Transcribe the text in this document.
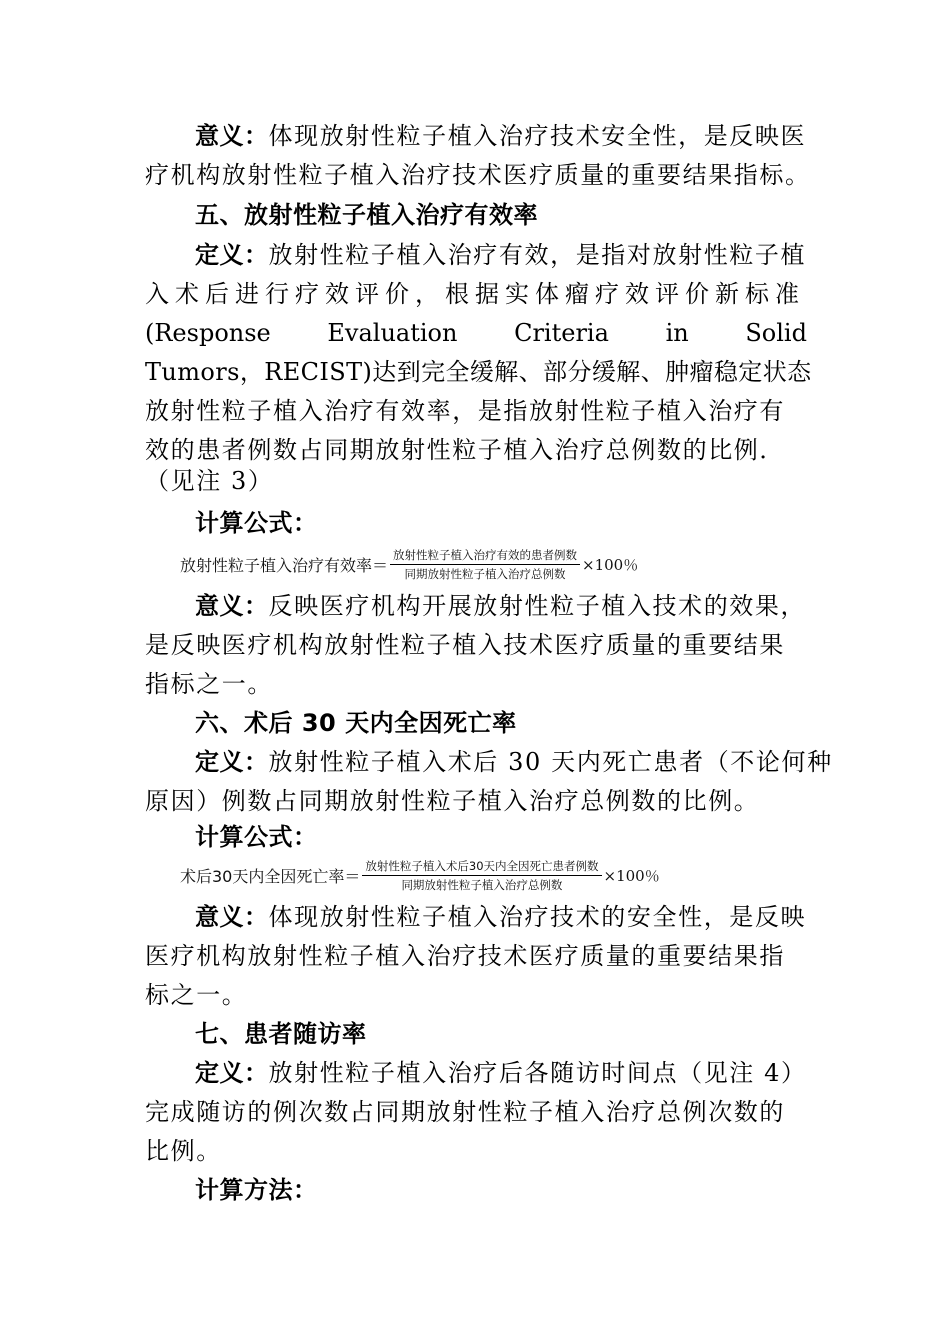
意义：体现放射性粒子植入治疗技术安全性，是反映医
疗机构放射性粒子植入治疗技术医疗质量的重要结果指标。
五、放射性粒子植入治疗有效率
定义：放射性粒子植入治疗有效，是指对放射性粒子植
入术后进行疗效评价，根据实体瘤疗效评价新标准
(Response Evaluation Criteria in Solid
Tumors，RECIST)达到完全缓解、部分缓解、肿瘤稳定状态
放射性粒子植入治疗有效率，是指放射性粒子植入治疗有
效的患者例数占同期放射性粒子植入治疗总例数的比例．
（见注 3）
计算公式：
放射性粒子植入治疗有效率＝ $\frac{\text{放射性粒子植入治疗有效的患者例数}}{\text{同期放射性粒子植入治疗总例数}} \times 100$％
意义：反映医疗机构开展放射性粒子植入技术的效果，
是反映医疗机构放射性粒子植入技术医疗质量的重要结果
指标之一。
六、术后 30 天内全因死亡率
定义：放射性粒子植入术后 30 天内死亡患者（不论何种
原因）例数占同期放射性粒子植入治疗总例数的比例。
计算公式：
术后30天内全因死亡率＝ $\frac{\text{放射性粒子植入术后30天内全因死亡患者例数}}{\text{同期放射性粒子植入治疗总例数}} \times 100$％
意义：体现放射性粒子植入治疗技术的安全性，是反映
医疗机构放射性粒子植入治疗技术医疗质量的重要结果指
标之一。
七、患者随访率
定义：放射性粒子植入治疗后各随访时间点（见注 4）
完成随访的例次数占同期放射性粒子植入治疗总例次数的
比例。
计算方法：
